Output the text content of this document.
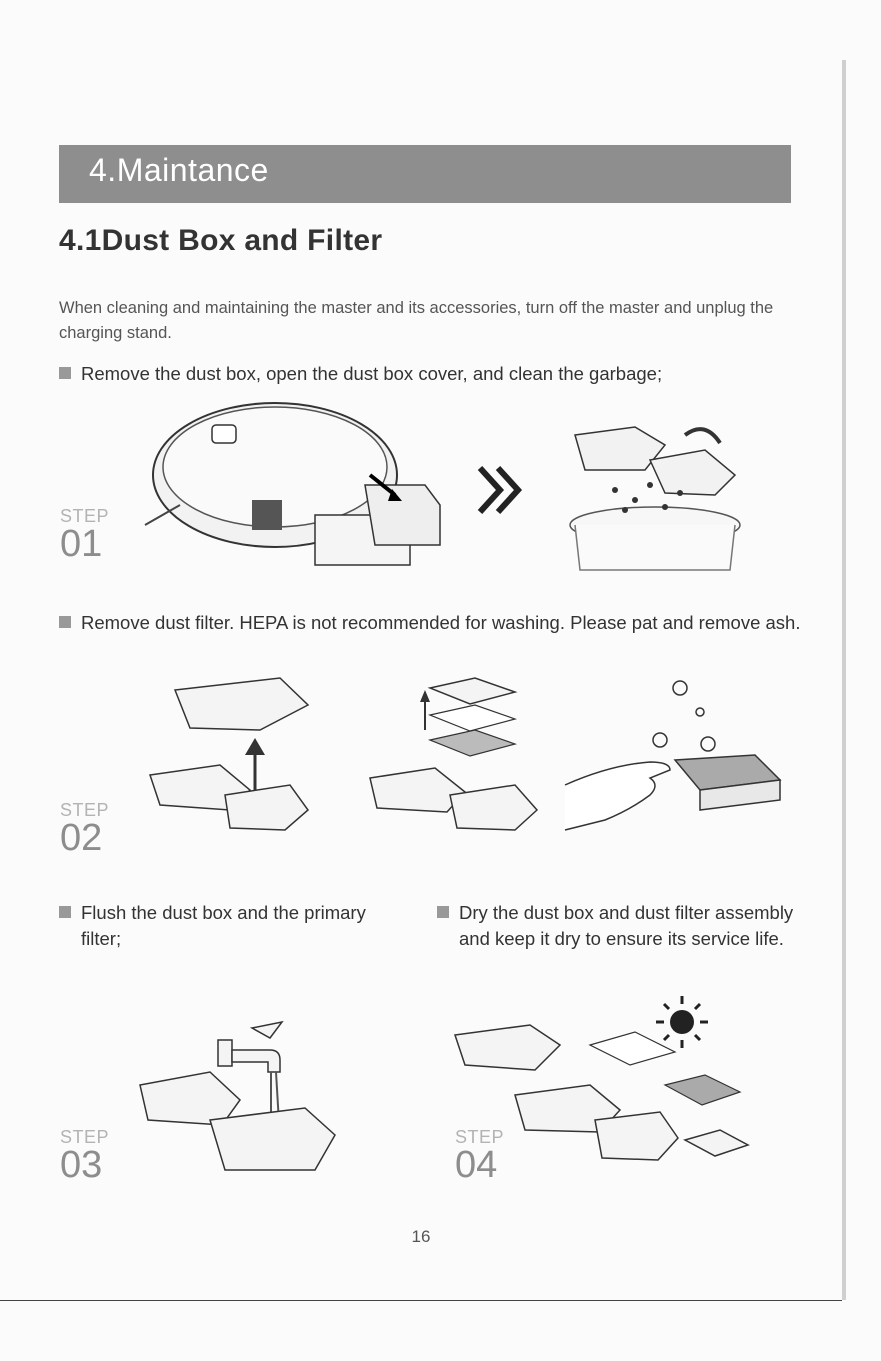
4.Maintance
4.1Dust Box and Filter
When cleaning and maintaining the master and its accessories, turn off the master and unplug the charging stand.
Remove the dust box, open the dust box cover, and clean the garbage;
STEP
01
Remove dust filter. HEPA is not recommended for washing. Please pat and remove ash.
STEP
02
Flush the dust box and the primary filter;
Dry the dust box and dust filter assembly and keep it dry to ensure its service life.
STEP
03
STEP
04
16
